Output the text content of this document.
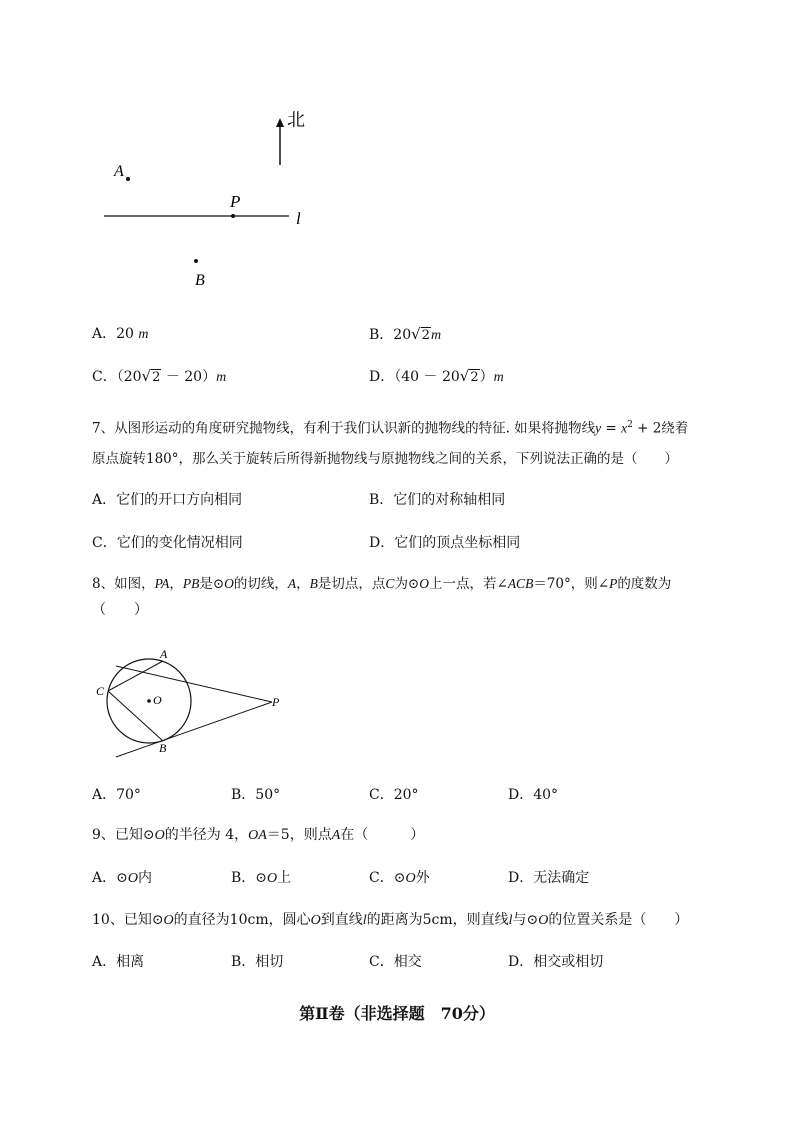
北
A
P
l
B
A．20 m	B．20√2m
C．（20√2 － 20）m	D．（40 － 20√2）m
7、从图形运动的角度研究抛物线，有利于我们认识新的抛物线的特征. 如果将抛物线$y = x^2 + 2$绕着
原点旋转180°，那么关于旋转后所得新抛物线与原抛物线之间的关系，下列说法正确的是（　　）
A．它们的开口方向相同	B．它们的对称轴相同
C．它们的变化情况相同	D．它们的顶点坐标相同
8、如图，PA，PB是⊙O的切线，A，B是切点，点C为⊙O上一点，若∠ACB＝70°，则∠P的度数为
（　　）
O
A
B
C
P
A．70°	B．50°	C．20°	D．40°
9、已知⊙O的半径为 4，OA＝5，则点A在（　　　）
A．⊙O内	B．⊙O上	C．⊙O外	D．无法确定
10、已知⊙O的直径为10cm，圆心O到直线l的距离为5cm，则直线l与⊙O的位置关系是（　　）
A．相离	B．相切	C．相交	D．相交或相切
第Ⅱ卷（非选择题　70分）
